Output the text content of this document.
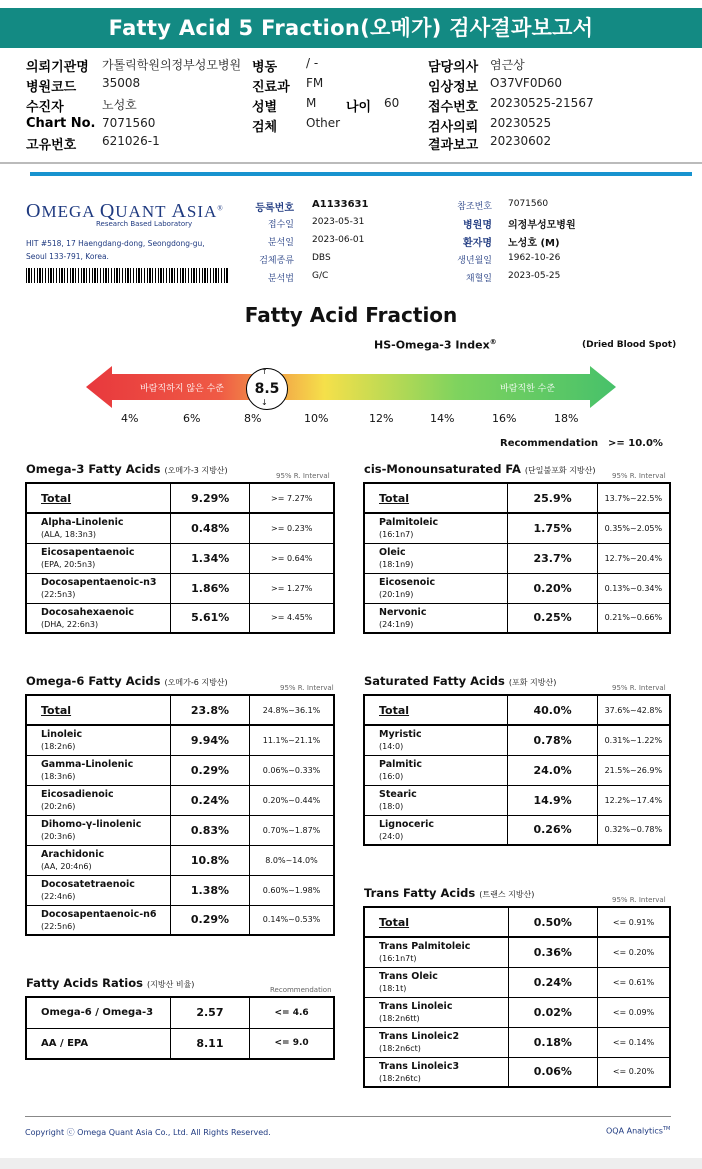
Fatty Acid 5 Fraction(오메가) 검사결과보고서
의뢰기관명 가톨릭학원의정부성모병원
병원코드 35008
수진자	노성호
Chart No. 7071560
고유번호 621026-1
병동 / -
진료과 FM
성별 M 나이 60
검체 Other
담당의사 염근상
임상정보 O37VF0D60
접수번호 20230525-21567
검사의뢰 20230525
결과보고 20230602
OMEGA QUANT ASIA®
Research Based Laboratory
HIT #518, 17 Haengdang-dong, Seongdong-gu,
Seoul 133-791, Korea.
등록번호 A1133631
접수일 2023-05-31
분석일 2023-06-01
검체종류 DBS
분석법 G/C
참조번호 7071560
병원명 의정부성모병원
환자명 노성호 (M)
생년월일 1962-10-26
채혈일 2023-05-25
Fatty Acid Fraction
HS-Omega-3 Index®	(Dried Blood Spot)
바람직하지 않은 수준	바람직한 수준
8.5
↑
↓
4%	6%	8%	10%	12%	14%	16%	18%
Recommendation >= 10.0%
Omega-3 Fatty Acids (오메가-3 지방산)
95% R. Interval
Total	9.29%	>= 7.27%

Alpha-Linolenic
(ALA, 18:3n3)	0.48%	>= 0.23%

Eicosapentaenoic
(EPA, 20:5n3)	1.34%	>= 0.64%

Docosapentaenoic-n3
(22:5n3)	1.86%	>= 1.27%

Docosahexaenoic
(DHA, 22:6n3)	5.61%	>= 4.45%
cis-Monounsaturated FA (단일불포화 지방산)
95% R. Interval
Total	25.9%	13.7%~22.5%

Palmitoleic
(16:1n7)	1.75%	0.35%~2.05%

Oleic
(18:1n9)	23.7%	12.7%~20.4%

Eicosenoic
(20:1n9)	0.20%	0.13%~0.34%

Nervonic
(24:1n9)	0.25%	0.21%~0.66%
Omega-6 Fatty Acids (오메가-6 지방산)
95% R. Interval
Total	23.8%	24.8%~36.1%

Linoleic
(18:2n6)	9.94%	11.1%~21.1%

Gamma-Linolenic
(18:3n6)	0.29%	0.06%~0.33%

Eicosadienoic
(20:2n6)	0.24%	0.20%~0.44%

Dihomo-γ-linolenic
(20:3n6)	0.83%	0.70%~1.87%

Arachidonic
(AA, 20:4n6)	10.8%	8.0%~14.0%

Docosatetraenoic
(22:4n6)	1.38%	0.60%~1.98%

Docosapentaenoic-n6
(22:5n6)	0.29%	0.14%~0.53%
Saturated Fatty Acids (포화 지방산)
95% R. Interval
Total	40.0%	37.6%~42.8%

Myristic
(14:0)	0.78%	0.31%~1.22%

Palmitic
(16:0)	24.0%	21.5%~26.9%

Stearic
(18:0)	14.9%	12.2%~17.4%

Lignoceric
(24:0)	0.26%	0.32%~0.78%
Trans Fatty Acids (트랜스 지방산)
95% R. Interval
Total	0.50%	<= 0.91%

Trans Palmitoleic
(16:1n7t)	0.36%	<= 0.20%

Trans Oleic
(18:1t)	0.24%	<= 0.61%

Trans Linoleic
(18:2n6tt)	0.02%	<= 0.09%

Trans Linoleic2
(18:2n6ct)	0.18%	<= 0.14%

Trans Linoleic3
(18:2n6tc)	0.06%	<= 0.20%
Fatty Acids Ratios (지방산 비율)
Recommendation
Omega-6 / Omega-3	2.57	<= 4.6
AA / EPA	8.11	<= 9.0
Copyright ⓒ Omega Quant Asia Co., Ltd. All Rights Reserved.	OQA Analytics™
